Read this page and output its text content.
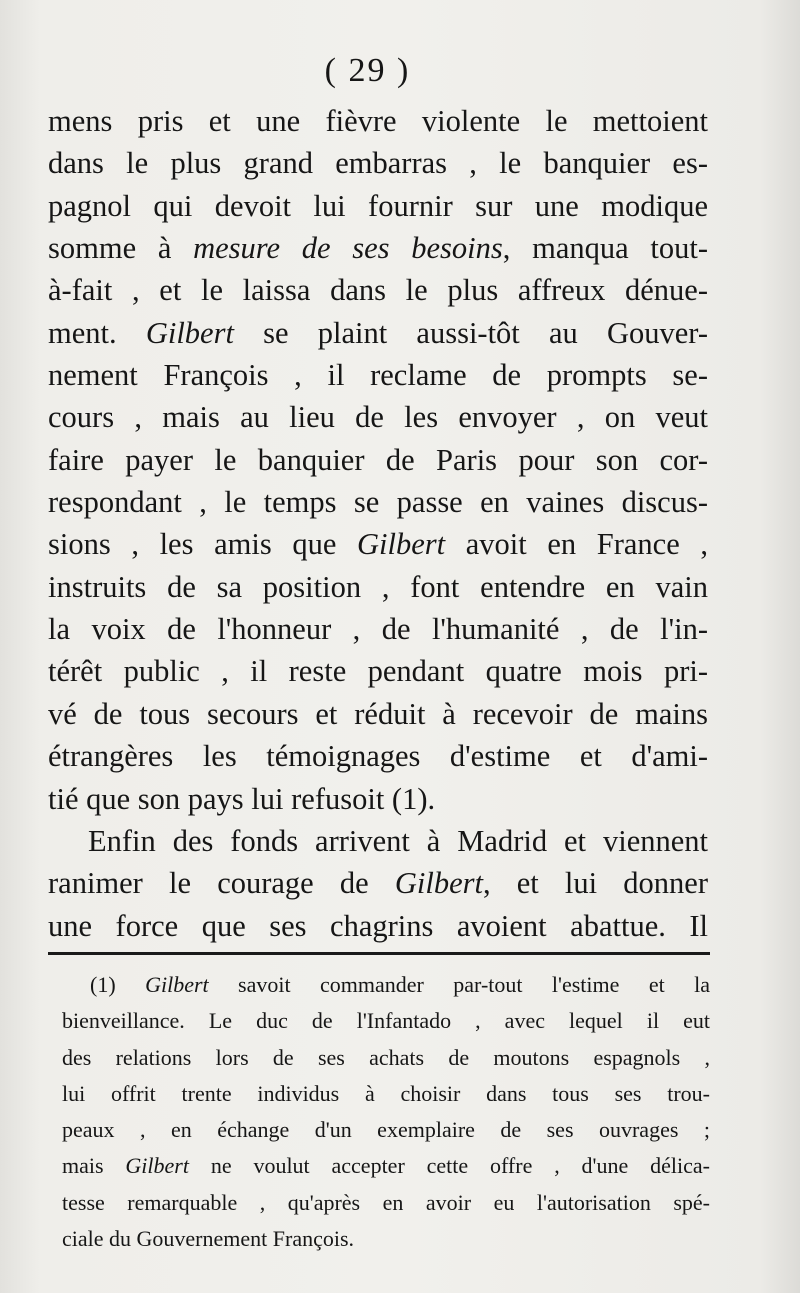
( 29 )
mens pris et une fièvre violente le mettoient
dans le plus grand embarras , le banquier es-
pagnol qui devoit lui fournir sur une modique
somme à mesure de ses besoins, manqua tout-
à-fait , et le laissa dans le plus affreux dénue-
ment. Gilbert se plaint aussi-tôt au Gouver-
nement François , il reclame de prompts se-
cours , mais au lieu de les envoyer , on veut
faire payer le banquier de Paris pour son cor-
respondant , le temps se passe en vaines discus-
sions , les amis que Gilbert avoit en France ,
instruits de sa position , font entendre en vain
la voix de l'honneur , de l'humanité , de l'in-
térêt public , il reste pendant quatre mois pri-
vé de tous secours et réduit à recevoir de mains
étrangères les témoignages d'estime et d'ami-
tié que son pays lui refusoit (1).
Enfin des fonds arrivent à Madrid et viennent
ranimer le courage de Gilbert, et lui donner
une force que ses chagrins avoient abattue. Il
(1) Gilbert savoit commander par-tout l'estime et la
bienveillance. Le duc de l'Infantado , avec lequel il eut
des relations lors de ses achats de moutons espagnols ,
lui offrit trente individus à choisir dans tous ses trou-
peaux , en échange d'un exemplaire de ses ouvrages ;
mais Gilbert ne voulut accepter cette offre , d'une délica-
tesse remarquable , qu'après en avoir eu l'autorisation spé-
ciale du Gouvernement François.
